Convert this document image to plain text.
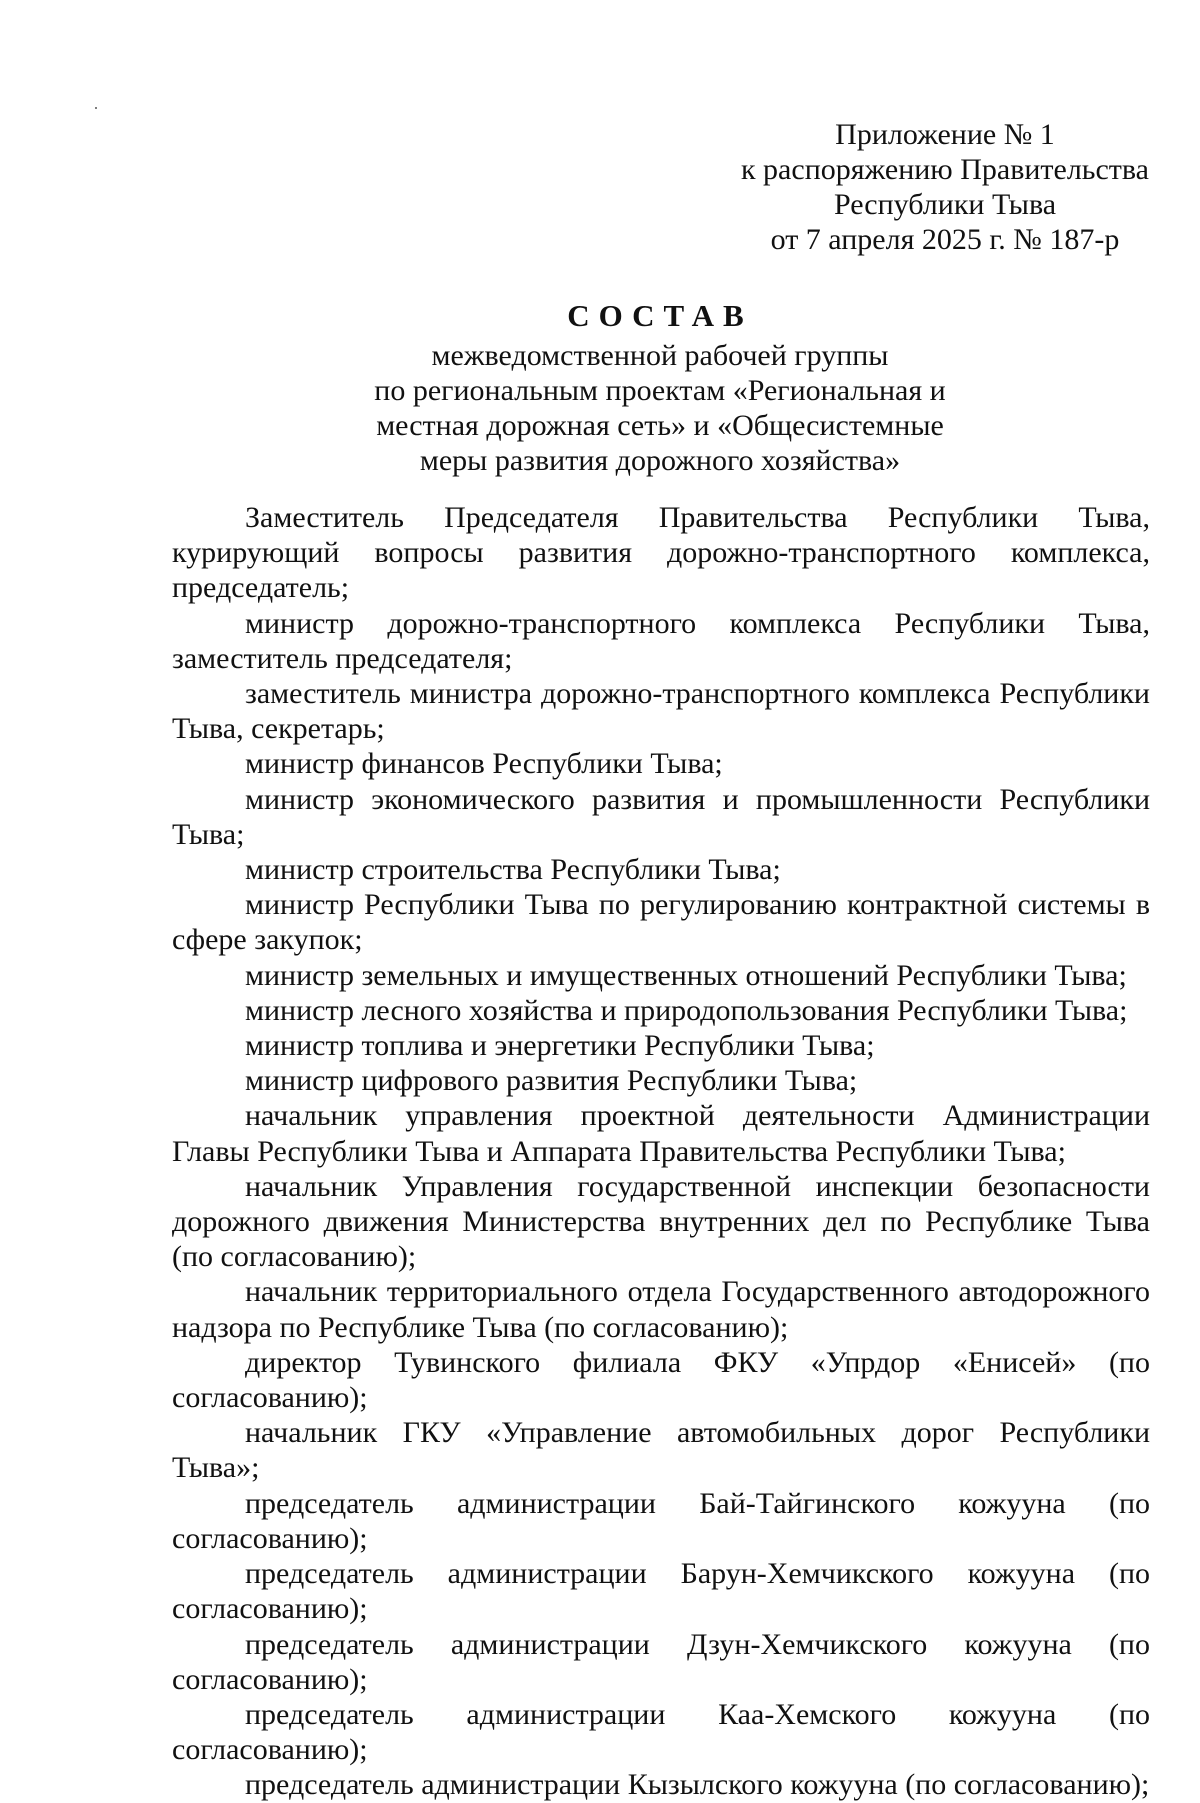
Приложение № 1
к распоряжению Правительства
Республики Тыва
от 7 апреля 2025 г. № 187-р
СОСТАВ
межведомственной рабочей группы
по региональным проектам «Региональная и
местная дорожная сеть» и «Общесистемные
меры развития дорожного хозяйства»

Заместитель Председателя Правительства Республики Тыва, курирующий вопросы развития дорожно-транспортного комплекса, председатель;

министр дорожно-транспортного комплекса Республики Тыва, заместитель председателя;

заместитель министра дорожно-транспортного комплекса Республики Тыва, секретарь;

министр финансов Республики Тыва;

министр экономического развития и промышленности Республики Тыва;

министр строительства Республики Тыва;

министр Республики Тыва по регулированию контрактной системы в сфере закупок;

министр земельных и имущественных отношений Республики Тыва;

министр лесного хозяйства и природопользования Республики Тыва;

министр топлива и энергетики Республики Тыва;

министр цифрового развития Республики Тыва;

начальник управления проектной деятельности Администрации Главы Республики Тыва и Аппарата Правительства Республики Тыва;

начальник Управления государственной инспекции безопасности дорожного движения Министерства внутренних дел по Республике Тыва (по согласованию);

начальник территориального отдела Государственного автодорожного надзора по Республике Тыва (по согласованию);

директор Тувинского филиала ФКУ «Упрдор «Енисей» (по согласованию);

начальник ГКУ «Управление автомобильных дорог Республики Тыва»;

председатель администрации Бай-Тайгинского кожууна (по согласованию);

председатель администрации Барун-Хемчикского кожууна (по согласованию);

председатель администрации Дзун-Хемчикского кожууна (по согласованию);

председатель администрации Каа-Хемского кожууна (по согласованию);

председатель администрации Кызылского кожууна (по согласованию);
